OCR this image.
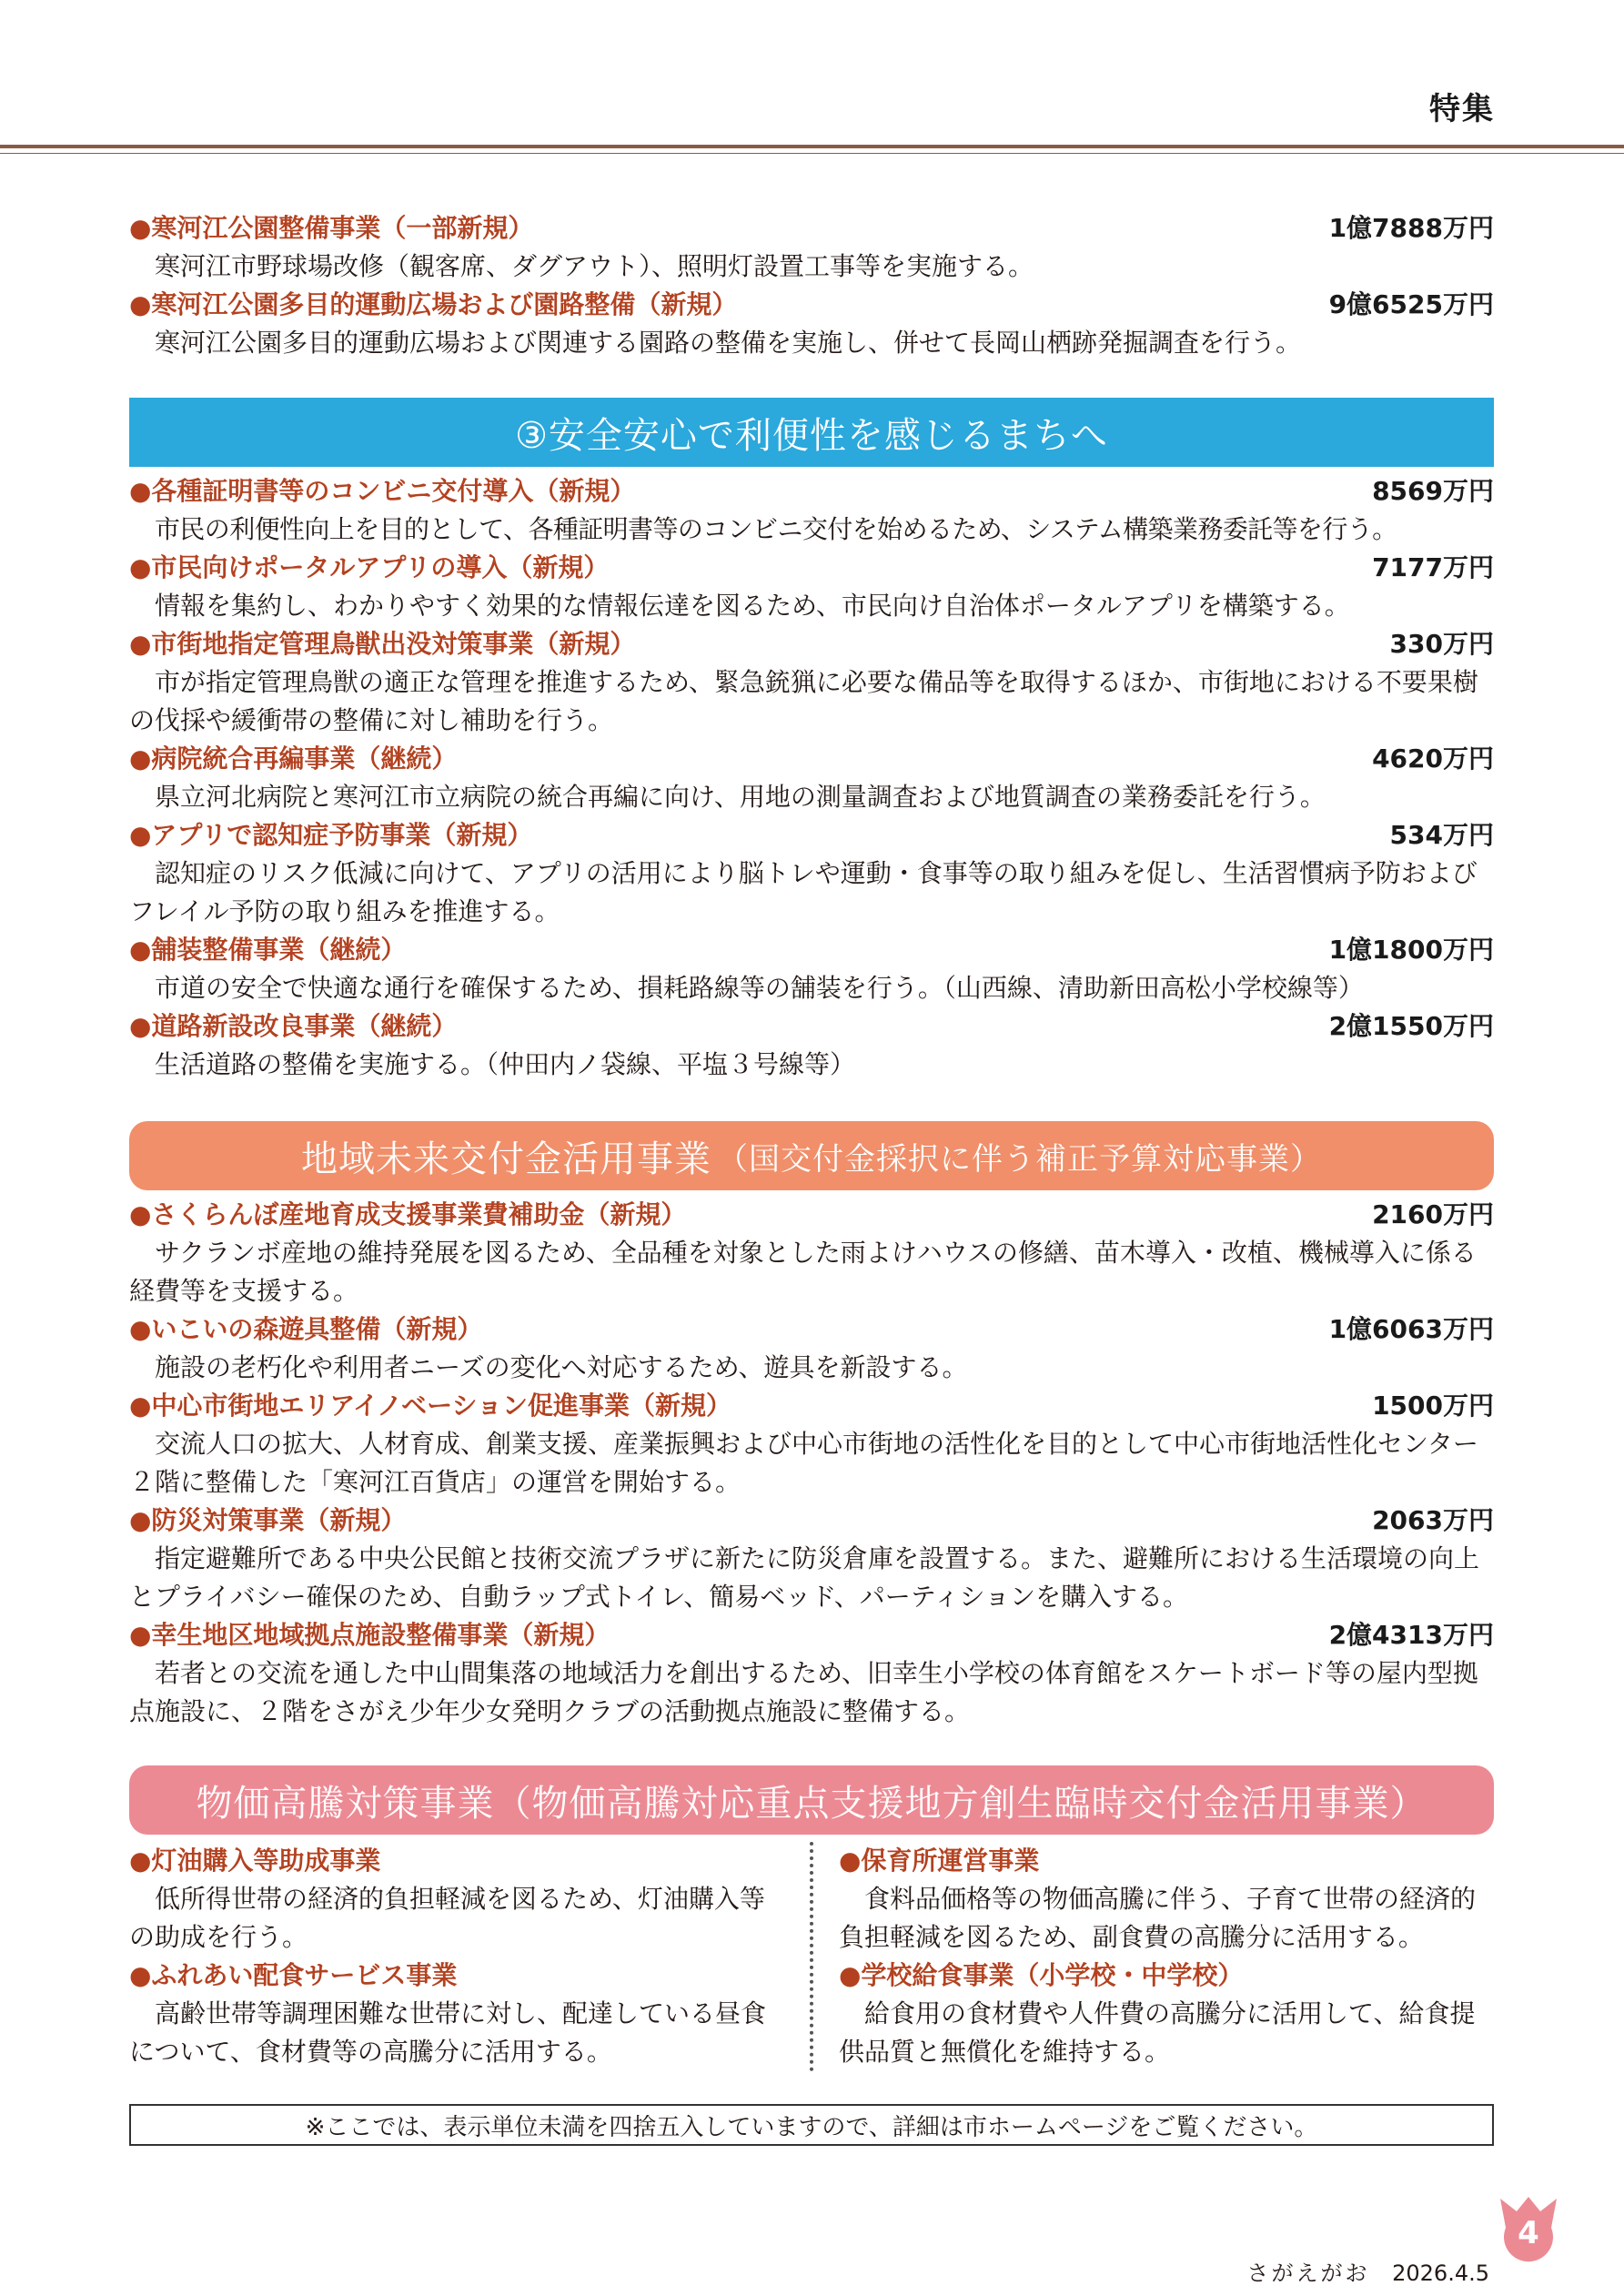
特集
●寒河江公園整備事業（一部新規）	1億7888万円

寒河江市野球場改修（観客席、ダグアウト）、照明灯設置工事等を実施する。

●寒河江公園多目的運動広場および園路整備（新規）	9億6525万円

寒河江公園多目的運動広場および関連する園路の整備を実施し、併せて長岡山栖跡発掘調査を行う。

③安全安心で利便性を感じるまちへ
●各種証明書等のコンビニ交付導入（新規）	8569万円

市民の利便性向上を目的として、各種証明書等のコンビニ交付を始めるため、システム構築業務委託等を行う。

●市民向けポータルアプリの導入（新規）	7177万円

情報を集約し、わかりやすく効果的な情報伝達を図るため、市民向け自治体ポータルアプリを構築する。

●市街地指定管理鳥獣出没対策事業（新規）	330万円

市が指定管理鳥獣の適正な管理を推進するため、緊急銃猟に必要な備品等を取得するほか、市街地における不要果樹の伐採や緩衝帯の整備に対し補助を行う。

●病院統合再編事業（継続）	4620万円

県立河北病院と寒河江市立病院の統合再編に向け、用地の測量調査および地質調査の業務委託を行う。

●アプリで認知症予防事業（新規）	534万円

認知症のリスク低減に向けて、アプリの活用により脳トレや運動・食事等の取り組みを促し、生活習慣病予防およびフレイル予防の取り組みを推進する。

●舗装整備事業（継続）	1億1800万円

市道の安全で快適な通行を確保するため、損耗路線等の舗装を行う。（山西線、清助新田高松小学校線等）

●道路新設改良事業（継続）	2億1550万円

生活道路の整備を実施する。（仲田内ノ袋線、平塩３号線等）

地域未来交付金活用事業 （国交付金採択に伴う補正予算対応事業）
●さくらんぼ産地育成支援事業費補助金（新規）	2160万円

サクランボ産地の維持発展を図るため、全品種を対象とした雨よけハウスの修繕、苗木導入・改植、機械導入に係る経費等を支援する。

●いこいの森遊具整備（新規）	1億6063万円

施設の老朽化や利用者ニーズの変化へ対応するため、遊具を新設する。

●中心市街地エリアイノベーション促進事業（新規）	1500万円

交流人口の拡大、人材育成、創業支援、産業振興および中心市街地の活性化を目的として中心市街地活性化センター２階に整備した「寒河江百貨店」の運営を開始する。

●防災対策事業（新規）	2063万円

指定避難所である中央公民館と技術交流プラザに新たに防災倉庫を設置する。また、避難所における生活環境の向上とプライバシー確保のため、自動ラップ式トイレ、簡易ベッド、パーティションを購入する。

●幸生地区地域拠点施設整備事業（新規）	2億4313万円

若者との交流を通した中山間集落の地域活力を創出するため、旧幸生小学校の体育館をスケートボード等の屋内型拠点施設に、２階をさがえ少年少女発明クラブの活動拠点施設に整備する。

物価高騰対策事業（物価高騰対応重点支援地方創生臨時交付金活用事業）
●灯油購入等助成事業

低所得世帯の経済的負担軽減を図るため、灯油購入等の助成を行う。

●ふれあい配食サービス事業

高齢世帯等調理困難な世帯に対し、配達している昼食について、食材費等の高騰分に活用する。

●保育所運営事業

食料品価格等の物価高騰に伴う、子育て世帯の経済的負担軽減を図るため、副食費の高騰分に活用する。

●学校給食事業（小学校・中学校）

給食用の食材費や人件費の高騰分に活用して、給食提供品質と無償化を維持する。

※ここでは、表示単位未満を四捨五入していますので、詳細は市ホームページをご覧ください。
さがえがお 2026.4.5
4
